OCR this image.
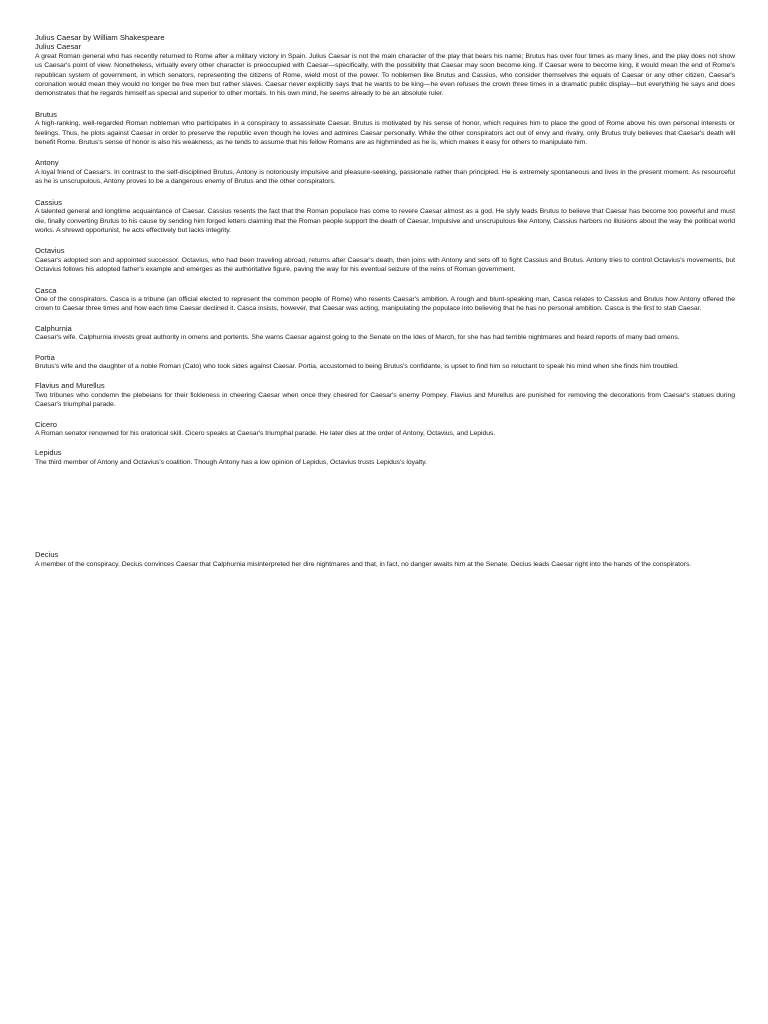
Julius Caesar by William Shakespeare

Julius Caesar

A great Roman general who has recently returned to Rome after a military victory in Spain. Julius Caesar is not the main character of the play that bears his name; Brutus has over four times as many lines, and the play does not show us Caesar's point of view. Nonetheless, virtually every other character is preoccupied with Caesar—specifically, with the possibility that Caesar may soon become king. If Caesar were to become king, it would mean the end of Rome's republican system of government, in which senators, representing the citizens of Rome, wield most of the power. To noblemen like Brutus and Cassius, who consider themselves the equals of Caesar or any other citizen, Caesar's coronation would mean they would no longer be free men but rather slaves. Caesar never explicitly says that he wants to be king—he even refuses the crown three times in a dramatic public display—but everything he says and does demonstrates that he regards himself as special and superior to other mortals. In his own mind, he seems already to be an absolute ruler.

Brutus

A high-ranking, well-regarded Roman nobleman who participates in a conspiracy to assassinate Caesar. Brutus is motivated by his sense of honor, which requires him to place the good of Rome above his own personal interests or feelings. Thus, he plots against Caesar in order to preserve the republic even though he loves and admires Caesar personally. While the other conspirators act out of envy and rivalry, only Brutus truly believes that Caesar's death will benefit Rome. Brutus's sense of honor is also his weakness, as he tends to assume that his fellow Romans are as highminded as he is, which makes it easy for others to manipulate him.

Antony

A loyal friend of Caesar's. In contrast to the self-disciplined Brutus, Antony is notoriously impulsive and pleasure-seeking, passionate rather than principled. He is extremely spontaneous and lives in the present moment. As resourceful as he is unscrupulous, Antony proves to be a dangerous enemy of Brutus and the other conspirators.

Cassius

A talented general and longtime acquaintance of Caesar. Cassius resents the fact that the Roman populace has come to revere Caesar almost as a god. He slyly leads Brutus to believe that Caesar has become too powerful and must die, finally converting Brutus to his cause by sending him forged letters claiming that the Roman people support the death of Caesar. Impulsive and unscrupulous like Antony, Cassius harbors no illusions about the way the political world works. A shrewd opportunist, he acts effectively but lacks integrity.

Octavius

Caesar's adopted son and appointed successor. Octavius, who had been traveling abroad, returns after Caesar's death, then joins with Antony and sets off to fight Cassius and Brutus. Antony tries to control Octavius's movements, but Octavius follows his adopted father's example and emerges as the authoritative figure, paving the way for his eventual seizure of the reins of Roman government.

Casca

One of the conspirators. Casca is a tribune (an official elected to represent the common people of Rome) who resents Caesar's ambition. A rough and blunt-speaking man, Casca relates to Cassius and Brutus how Antony offered the crown to Caesar three times and how each time Caesar declined it. Casca insists, however, that Caesar was acting, manipulating the populace into believing that he has no personal ambition. Casca is the first to stab Caesar.

Calphurnia

Caesar's wife. Calphurnia invests great authority in omens and portents. She warns Caesar against going to the Senate on the Ides of March, for she has had terrible nightmares and heard reports of many bad omens.

Portia

Brutus's wife and the daughter of a noble Roman (Cato) who took sides against Caesar. Portia, accustomed to being Brutus's confidante, is upset to find him so reluctant to speak his mind when she finds him troubled.

Flavius and Murellus

Two tribunes who condemn the plebeians for their fickleness in cheering Caesar when once they cheered for Caesar's enemy Pompey. Flavius and Murellus are punished for removing the decorations from Caesar's statues during Caesar's triumphal parade.

Cicero

A Roman senator renowned for his oratorical skill. Cicero speaks at Caesar's triumphal parade. He later dies at the order of Antony, Octavius, and Lepidus.

Lepidus

The third member of Antony and Octavius's coalition. Though Antony has a low opinion of Lepidus, Octavius trusts Lepidus's loyalty.

Decius

A member of the conspiracy. Decius convinces Caesar that Calphurnia misinterpreted her dire nightmares and that, in fact, no danger awaits him at the Senate. Decius leads Caesar right into the hands of the conspirators.
